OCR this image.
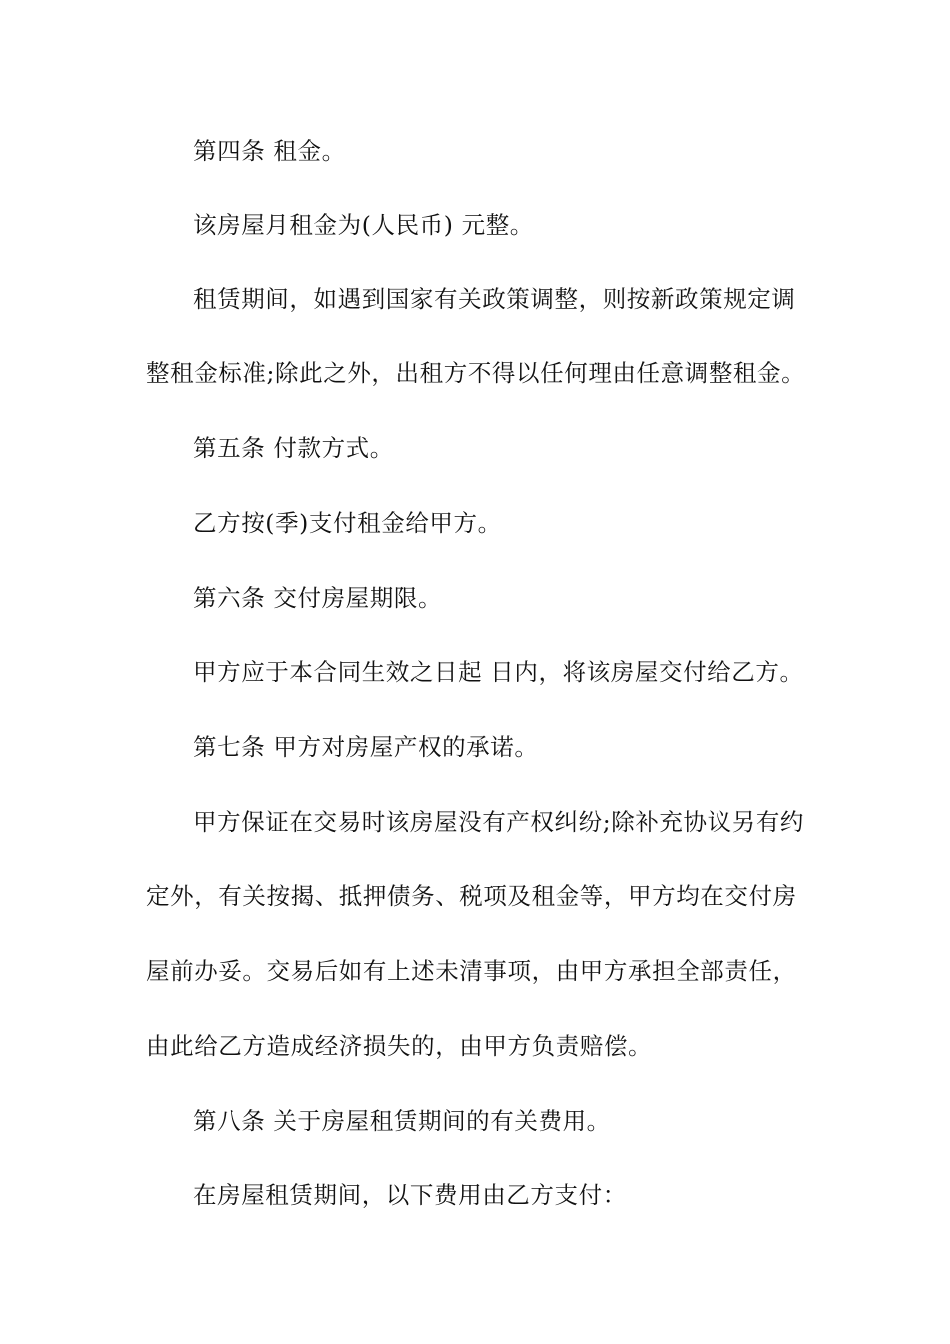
第四条 租金。
该房屋月租金为(人民币) 元整。
租赁期间，如遇到国家有关政策调整，则按新政策规定调
整租金标准;除此之外，出租方不得以任何理由任意调整租金。
第五条 付款方式。
乙方按(季)支付租金给甲方。
第六条 交付房屋期限。
甲方应于本合同生效之日起 日内，将该房屋交付给乙方。
第七条 甲方对房屋产权的承诺。
甲方保证在交易时该房屋没有产权纠纷;除补充协议另有约
定外，有关按揭、抵押债务、税项及租金等，甲方均在交付房
屋前办妥。交易后如有上述未清事项，由甲方承担全部责任，
由此给乙方造成经济损失的，由甲方负责赔偿。
第八条 关于房屋租赁期间的有关费用。
在房屋租赁期间，以下费用由乙方支付：
